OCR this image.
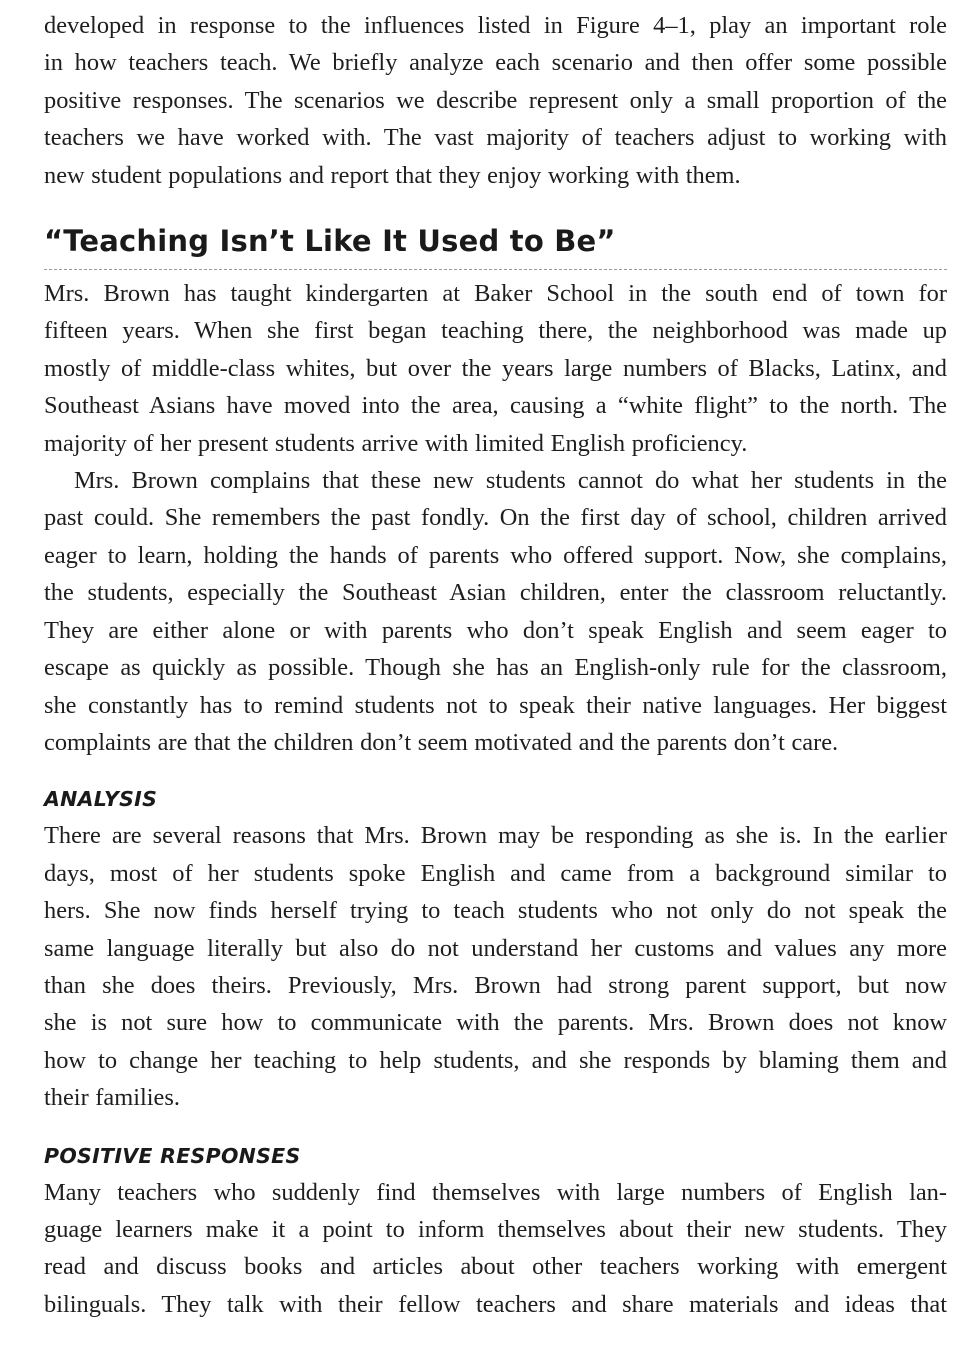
developed in response to the influences listed in Figure 4–1, play an important role
in how teachers teach. We briefly analyze each scenario and then offer some possible
positive responses. The scenarios we describe represent only a small proportion of the
teachers we have worked with. The vast majority of teachers adjust to working with
new student populations and report that they enjoy working with them.

“Teaching Isn’t Like It Used to Be”

Mrs. Brown has taught kindergarten at Baker School in the south end of town for
fifteen years. When she first began teaching there, the neighborhood was made up
mostly of middle-class whites, but over the years large numbers of Blacks, Latinx, and
Southeast Asians have moved into the area, causing a “white flight” to the north. The
majority of her present students arrive with limited English proficiency.

Mrs. Brown complains that these new students cannot do what her students in the
past could. She remembers the past fondly. On the first day of school, children arrived
eager to learn, holding the hands of parents who offered support. Now, she complains,
the students, especially the Southeast Asian children, enter the classroom reluctantly.
They are either alone or with parents who don’t speak English and seem eager to
escape as quickly as possible. Though she has an English-only rule for the classroom,
she constantly has to remind students not to speak their native languages. Her biggest
complaints are that the children don’t seem motivated and the parents don’t care.

ANALYSIS

There are several reasons that Mrs. Brown may be responding as she is. In the earlier
days, most of her students spoke English and came from a background similar to
hers. She now finds herself trying to teach students who not only do not speak the
same language literally but also do not understand her customs and values any more
than she does theirs. Previously, Mrs. Brown had strong parent support, but now
she is not sure how to communicate with the parents. Mrs. Brown does not know
how to change her teaching to help students, and she responds by blaming them and
their families.

POSITIVE RESPONSES

Many teachers who suddenly find themselves with large numbers of English lan-
guage learners make it a point to inform themselves about their new students. They
read and discuss books and articles about other teachers working with emergent
bilinguals. They talk with their fellow teachers and share materials and ideas that
